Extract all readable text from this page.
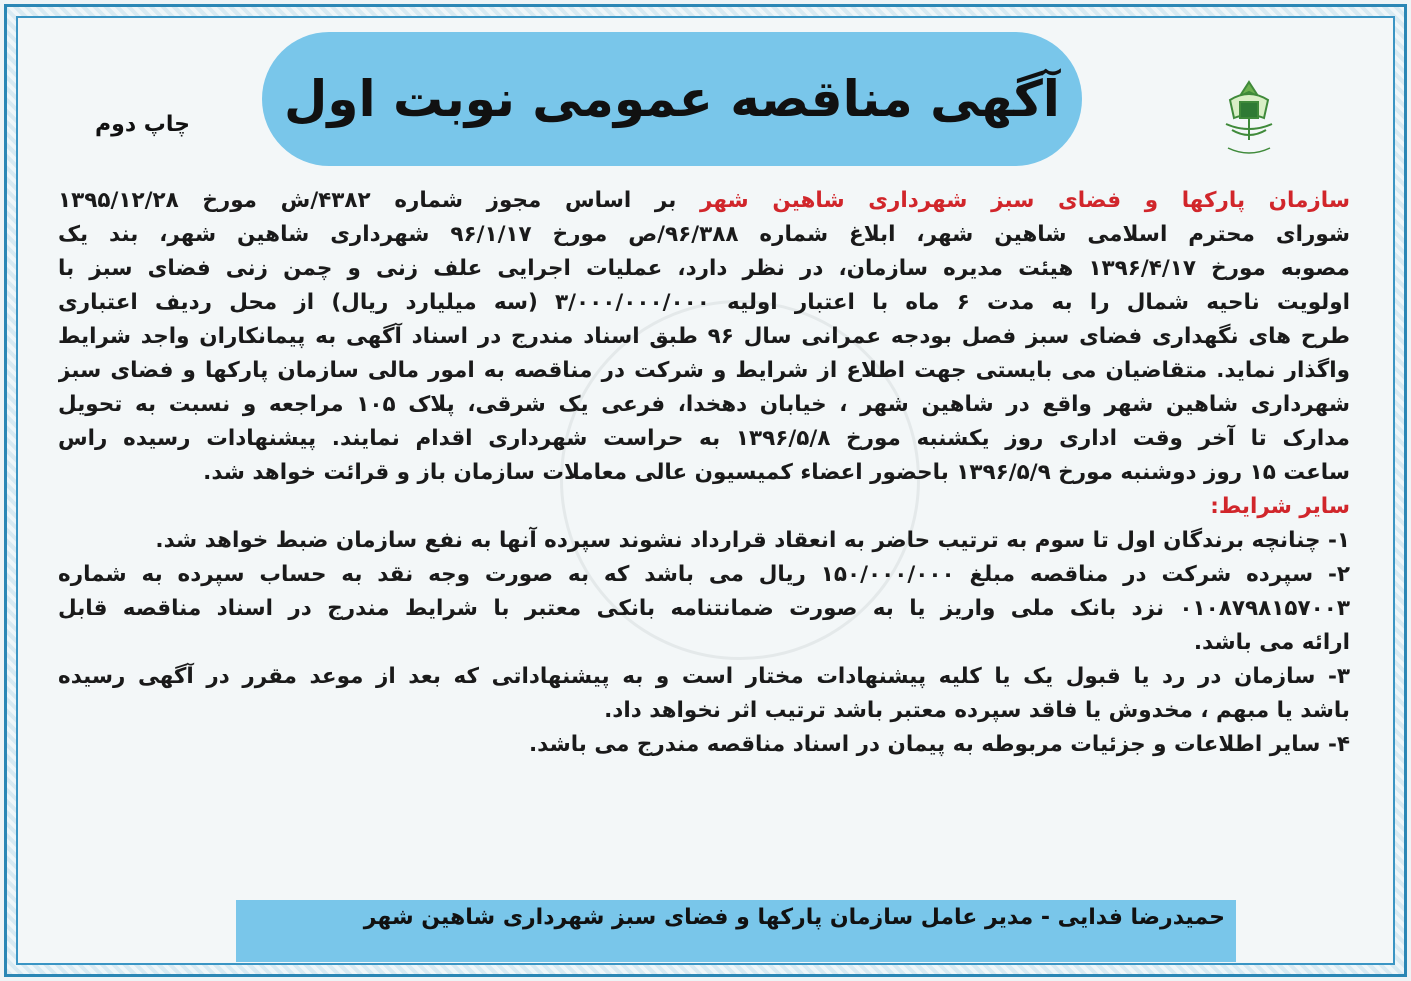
آگهی مناقصه عمومی نوبت اول
چاپ دوم
سازمان پارکها و فضای سبز شهرداری شاهین شهر بر اساس مجوز شماره ۴۳۸۲/ش مورخ ۱۳۹۵/۱۲/۲۸
شورای محترم اسلامی شاهین شهر، ابلاغ شماره ۹۶/۳۸۸/ص مورخ ۹۶/۱/۱۷ شهرداری شاهین شهر، بند یک
مصوبه مورخ ۱۳۹۶/۴/۱۷ هیئت مدیره سازمان، در نظر دارد، عملیات اجرایی علف زنی و چمن زنی فضای سبز با
اولویت ناحیه شمال را به مدت ۶ ماه با اعتبار اولیه ۳/۰۰۰/۰۰۰/۰۰۰ (سه میلیارد ریال) از محل ردیف اعتباری
طرح های نگهداری فضای سبز فصل بودجه عمرانی سال ۹۶ طبق اسناد مندرج در اسناد آگهی به پیمانکاران واجد شرایط
واگذار نماید. متقاضیان می بایستی جهت اطلاع از شرایط و شرکت در مناقصه به امور مالی سازمان پارکها و فضای سبز
شهرداری شاهین شهر واقع در شاهین شهر ، خیابان دهخدا، فرعی یک شرقی، پلاک ۱۰۵ مراجعه و نسبت به تحویل
مدارک تا آخر وقت اداری روز یکشنبه مورخ ۱۳۹۶/۵/۸ به حراست شهرداری اقدام نمایند. پیشنهادات رسیده راس
ساعت ۱۵ روز دوشنبه مورخ ۱۳۹۶/۵/۹ باحضور اعضاء کمیسیون عالی معاملات سازمان باز و قرائت خواهد شد.
سایر شرایط:
۱- چنانچه برندگان اول تا سوم به ترتیب حاضر به انعقاد قرارداد نشوند سپرده آنها به نفع سازمان ضبط خواهد شد.
۲- سپرده شرکت در مناقصه مبلغ ۱۵۰/۰۰۰/۰۰۰ ریال می باشد که به صورت وجه نقد به حساب سپرده به شماره
۰۱۰۸۷۹۸۱۵۷۰۰۳ نزد بانک ملی واریز یا به صورت ضمانتنامه بانکی معتبر با شرایط مندرج در اسناد مناقصه قابل
ارائه می باشد.
۳- سازمان در رد یا قبول یک یا کلیه پیشنهادات مختار است و به پیشنهاداتی که بعد از موعد مقرر در آگهی رسیده
باشد یا مبهم ، مخدوش یا فاقد سپرده معتبر باشد ترتیب اثر نخواهد داد.
۴- سایر اطلاعات و جزئیات مربوطه به پیمان در اسناد مناقصه مندرج می باشد.
حمیدرضا فدایی - مدیر عامل سازمان پارکها و فضای سبز شهرداری شاهین شهر
